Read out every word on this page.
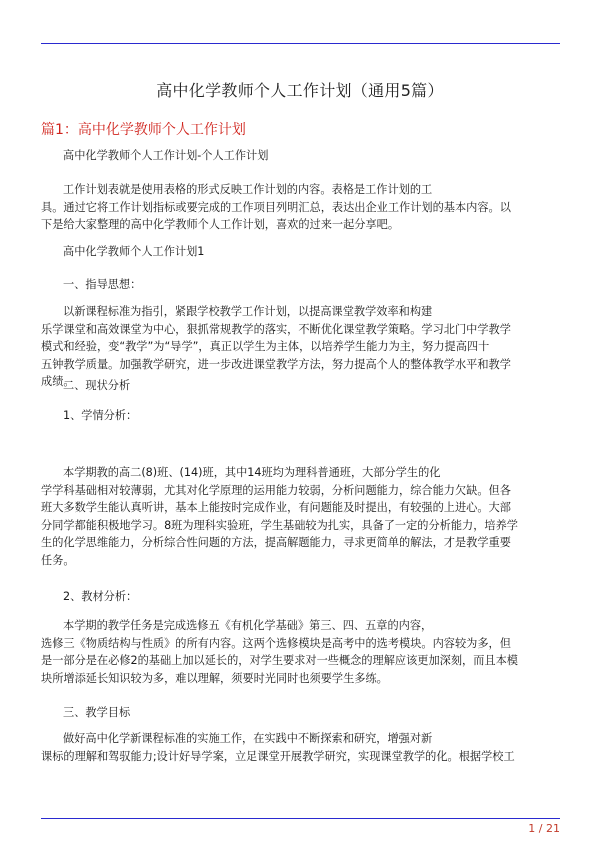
高中化学教师个人工作计划（通用5篇）
篇1：高中化学教师个人工作计划
高中化学教师个人工作计划-个人工作计划
工作计划表就是使用表格的形式反映工作计划的内容。表格是工作计划的工
具。通过它将工作计划指标或要完成的工作项目列明汇总，表达出企业工作计划的基本内容。以
下是给大家整理的高中化学教师个人工作计划，喜欢的过来一起分享吧。
高中化学教师个人工作计划1
一、指导思想：
以新课程标准为指引，紧跟学校教学工作计划，以提高课堂教学效率和构建
乐学课堂和高效课堂为中心，狠抓常规教学的落实，不断优化课堂教学策略。学习北门中学教学
模式和经验，变“教学”为“导学”，真正以学生为主体，以培养学生能力为主，努力提高四十
五钟教学质量。加强教学研究，进一步改进课堂教学方法，努力提高个人的整体教学水平和教学
成绩。
二、现状分析
1、学情分析：
本学期教的高二(8)班、(14)班，其中14班均为理科普通班，大部分学生的化
学学科基础相对较薄弱，尤其对化学原理的运用能力较弱，分析问题能力，综合能力欠缺。但各
班大多数学生能认真听讲，基本上能按时完成作业，有问题能及时提出，有较强的上进心。大部
分同学都能积极地学习。8班为理科实验班，学生基础较为扎实，具备了一定的分析能力，培养学
生的化学思维能力，分析综合性问题的方法，提高解题能力，寻求更简单的解法，才是教学重要
任务。
2、教材分析：
本学期的教学任务是完成选修五《有机化学基础》第三、四、五章的内容，
选修三《物质结构与性质》的所有内容。这两个选修模块是高考中的选考模块。内容较为多，但
是一部分是在必修2的基础上加以延长的，对学生要求对一些概念的理解应该更加深刻，而且本模
块所增添延长知识较为多，难以理解，须要时光同时也须要学生多练。
三、教学目标
做好高中化学新课程标准的实施工作，在实践中不断探索和研究，增强对新
课标的理解和驾驭能力;设计好导学案，立足课堂开展教学研究，实现课堂教学的化。根据学校工
1 / 21
